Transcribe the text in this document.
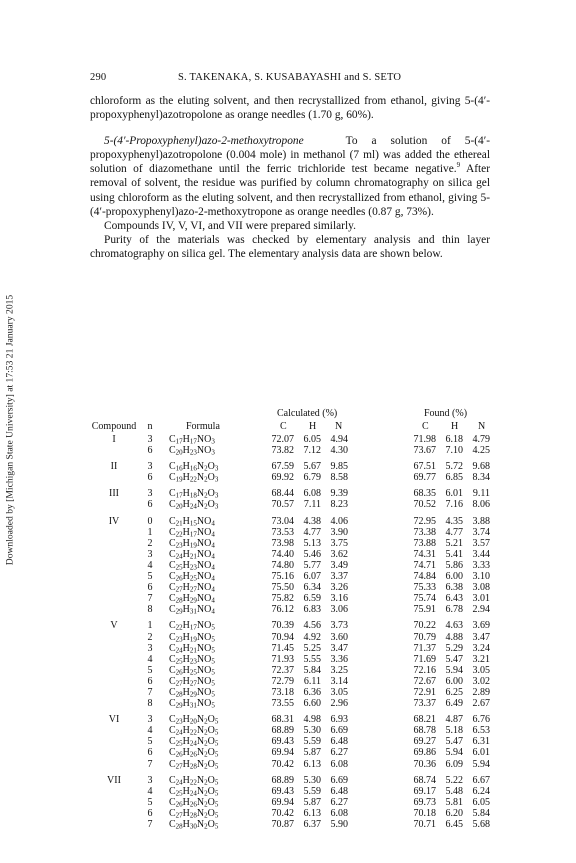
Downloaded by [Michigan State University] at 17:53 21 January 2015
290	S. TAKENAKA, S. KUSABAYASHI and S. SETO

chloroform as the eluting solvent, and then recrystallized from ethanol, giving 5-(4′-propoxyphenyl)azotropolone as orange needles (1.70 g, 60%).

5-(4′-Propoxyphenyl)azo-2-methoxytropone	To a solution of 5-(4′-propoxyphenyl)azotropolone (0.004 mole) in methanol (7 ml) was added the ethereal solution of diazomethane until the ferric trichloride test became negative.$^9$ After removal of solvent, the residue was purified by column chromatography on silica gel using chloroform as the eluting solvent, and then recrystallized from ethanol, giving 5-(4′-propoxyphenyl)azo-2-methoxytropone as orange needles (0.87 g, 73%).

Compounds IV, V, VI, and VII were prepared similarly.

Purity of the materials was checked by elementary analysis and thin layer chromatography on silica gel. The elementary analysis data are shown below.

Calculated (%)	Found (%)
Compound	n	Formula	C H N	C H N
I	3	$C_{17}H_{17}NO_3$	72.07 6.05 4.94	71.98 6.18 4.79
6	$C_{20}H_{23}NO_3$	73.82 7.12 4.30	73.67 7.10 4.25
II	3	$C_{16}H_{16}N_2O_3$	67.59 5.67 9.85	67.51 5.72 9.68
6	$C_{19}H_{22}N_2O_3$	69.92 6.79 8.58	69.77 6.85 8.34
III	3	$C_{17}H_{18}N_2O_3$	68.44 6.08 9.39	68.35 6.01 9.11
6	$C_{20}H_{24}N_2O_3$	70.57 7.11 8.23	70.52 7.16 8.06
IV	0	$C_{21}H_{15}NO_4$	73.04 4.38 4.06	72.95 4.35 3.88
1	$C_{22}H_{17}NO_4$	73.53 4.77 3.90	73.38 4.77 3.74
2	$C_{23}H_{19}NO_4$	73.98 5.13 3.75	73.88 5.21 3.57
3	$C_{24}H_{21}NO_4$	74.40 5.46 3.62	74.31 5.41 3.44
4	$C_{25}H_{23}NO_4$	74.80 5.77 3.49	74.71 5.86 3.33
5	$C_{26}H_{25}NO_4$	75.16 6.07 3.37	74.84 6.00 3.10
6	$C_{27}H_{27}NO_4$	75.50 6.34 3.26	75.33 6.38 3.08
7	$C_{28}H_{29}NO_4$	75.82 6.59 3.16	75.74 6.43 3.01
8	$C_{29}H_{31}NO_4$	76.12 6.83 3.06	75.91 6.78 2.94
V	1	$C_{22}H_{17}NO_5$	70.39 4.56 3.73	70.22 4.63 3.69
2	$C_{23}H_{19}NO_5$	70.94 4.92 3.60	70.79 4.88 3.47
3	$C_{24}H_{21}NO_5$	71.45 5.25 3.47	71.37 5.29 3.24
4	$C_{25}H_{23}NO_5$	71.93 5.55 3.36	71.69 5.47 3.21
5	$C_{26}H_{25}NO_5$	72.37 5.84 3.25	72.16 5.94 3.05
6	$C_{27}H_{27}NO_5$	72.79 6.11 3.14	72.67 6.00 3.02
7	$C_{28}H_{29}NO_5$	73.18 6.36 3.05	72.91 6.25 2.89
8	$C_{29}H_{31}NO_5$	73.55 6.60 2.96	73.37 6.49 2.67
VI	3	$C_{23}H_{20}N_2O_5$	68.31 4.98 6.93	68.21 4.87 6.76
4	$C_{24}H_{22}N_2O_5$	68.89 5.30 6.69	68.78 5.18 6.53
5	$C_{25}H_{24}N_2O_5$	69.43 5.59 6.48	69.27 5.47 6.31
6	$C_{26}H_{26}N_2O_5$	69.94 5.87 6.27	69.86 5.94 6.01
7	$C_{27}H_{28}N_2O_5$	70.42 6.13 6.08	70.36 6.09 5.94
VII	3	$C_{24}H_{22}N_2O_5$	68.89 5.30 6.69	68.74 5.22 6.67
4	$C_{25}H_{24}N_2O_5$	69.43 5.59 6.48	69.17 5.48 6.24
5	$C_{26}H_{26}N_2O_5$	69.94 5.87 6.27	69.73 5.81 6.05
6	$C_{27}H_{28}N_2O_5$	70.42 6.13 6.08	70.18 6.20 5.84
7	$C_{28}H_{30}N_2O_5$	70.87 6.37 5.90	70.71 6.45 5.68
